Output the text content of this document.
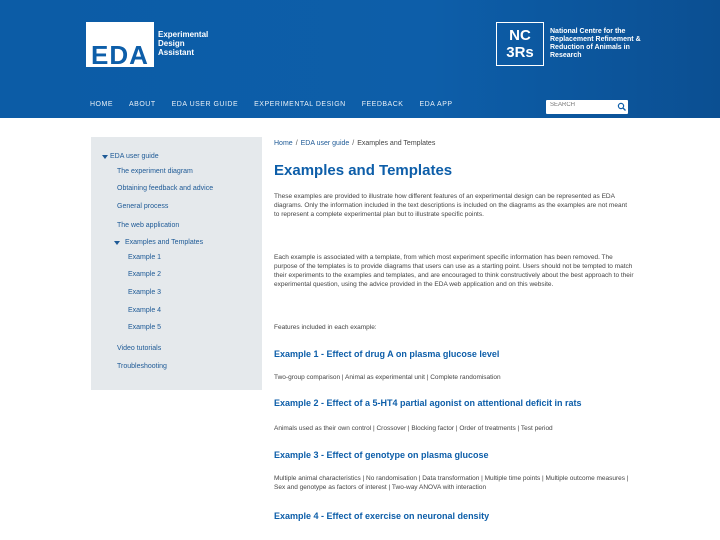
EDA
Experimental Design Assistant
NC
3Rs
National Centre for the Replacement Refinement & Reduction of Animals in Research
HOME ABOUT EDA USER GUIDE EXPERIMENTAL DESIGN FEEDBACK EDA APP
SEARCH
EDA user guide
The experiment diagram
Obtaining feedback and advice
General process
The web application
Examples and Templates
Example 1
Example 2
Example 3
Example 4
Example 5
Video tutorials
Troubleshooting
Home / EDA user guide / Examples and Templates
Examples and Templates
These examples are provided to illustrate how different features of an experimental design can be represented as EDA diagrams. Only the information included in the text descriptions is included on the diagrams as the examples are not meant to represent a complete experimental plan but to illustrate specific points.
Each example is associated with a template, from which most experiment specific information has been removed. The purpose of the templates is to provide diagrams that users can use as a starting point. Users should not be tempted to match their experiments to the examples and templates, and are encouraged to think constructively about the best approach to their experimental question, using the advice provided in the EDA web application and on this website.
Features included in each example:
Example 1 - Effect of drug A on plasma glucose level
Two-group comparison | Animal as experimental unit | Complete randomisation
Example 2 - Effect of a 5-HT4 partial agonist on attentional deficit in rats
Animals used as their own control | Crossover | Blocking factor | Order of treatments | Test period
Example 3 - Effect of genotype on plasma glucose
Multiple animal characteristics | No randomisation | Data transformation | Multiple time points | Multiple outcome measures | Sex and genotype as factors of interest | Two-way ANOVA with interaction
Example 4 - Effect of exercise on neuronal density
